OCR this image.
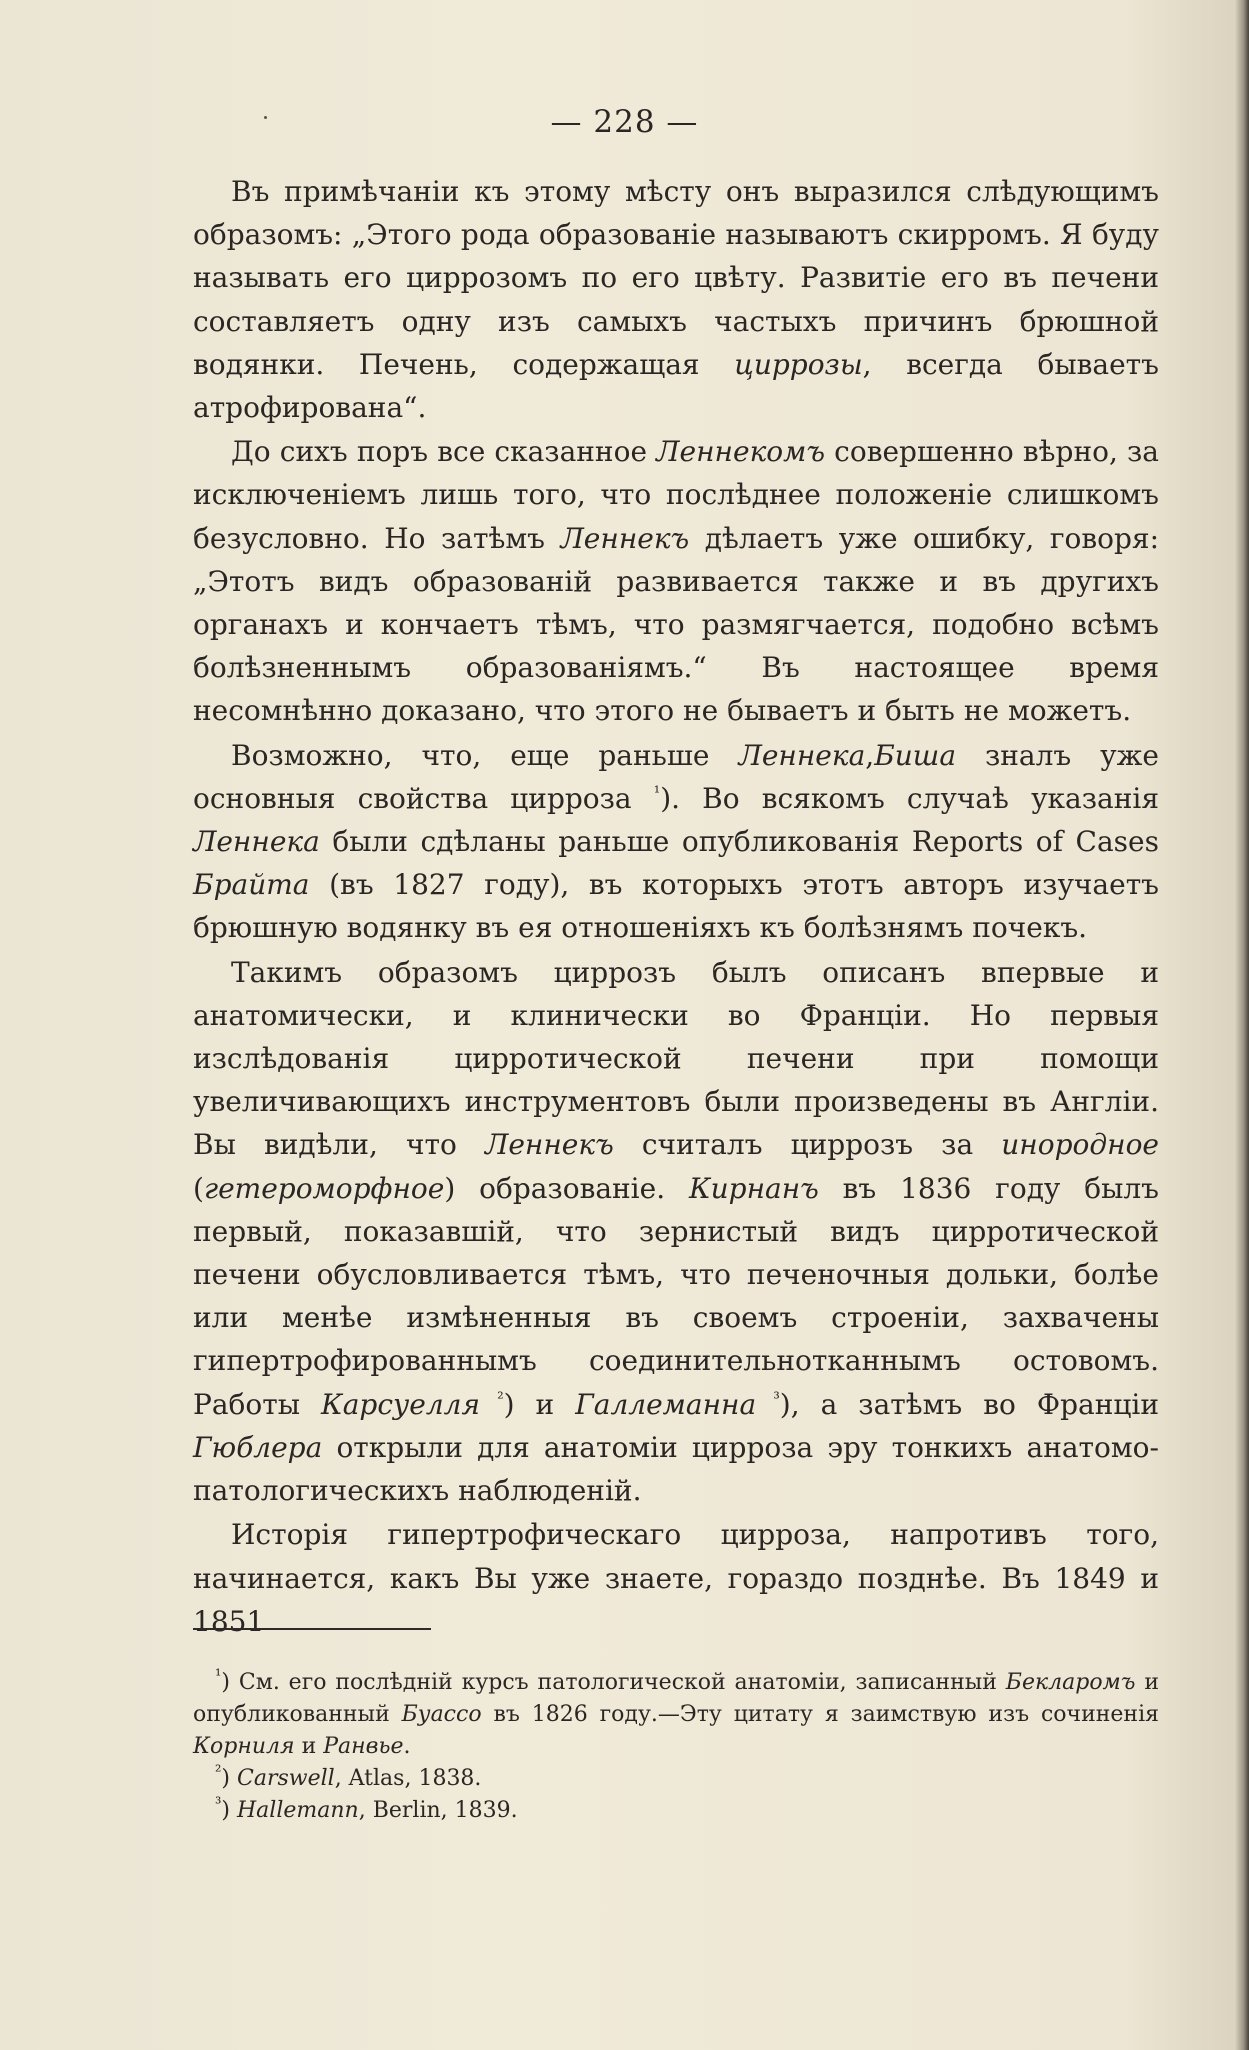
— 228 —

Въ примѣчаніи къ этому мѣсту онъ выразился слѣдующимъ образомъ: „Этого рода образованіе называютъ скирромъ. Я буду называть его циррозомъ по его цвѣту. Развитіе его въ печени составляетъ одну изъ самыхъ частыхъ причинъ брюшной водянки. Печень, содержащая циррозы, всегда бываетъ атрофирована“.

До сихъ поръ все сказанное Леннекомъ совершенно вѣрно, за исключеніемъ лишь того, что послѣднее положеніе слишкомъ безусловно. Но затѣмъ Леннекъ дѣлаетъ уже ошибку, говоря: „Этотъ видъ образованій развивается также и въ другихъ органахъ и кончаетъ тѣмъ, что размягчается, подобно всѣмъ болѣзненнымъ образованіямъ.“ Въ настоящее время несомнѣнно доказано, что этого не бываетъ и быть не можетъ.

Возможно, что, еще раньше Леннека,Биша зналъ уже основныя свойства цирроза $^{^1}$). Во всякомъ случаѣ указанія Леннека были сдѣланы раньше опубликованія Reports of Cases Брайта (въ 1827 году), въ которыхъ этотъ авторъ изучаетъ брюшную водянку въ ея отношеніяхъ къ болѣзнямъ почекъ.

Такимъ образомъ циррозъ былъ описанъ впервые и анатомически, и клинически во Франціи. Но первыя изслѣдованія цирротической печени при помощи увеличивающихъ инструментовъ были произведены въ Англіи. Вы видѣли, что Леннекъ считалъ циррозъ за инородное (гетероморфное) образованіе. Кирнанъ въ 1836 году былъ первый, показавшій, что зернистый видъ цирротической печени обусловливается тѣмъ, что печеночныя дольки, болѣе или менѣе измѣненныя въ своемъ строеніи, захвачены гипертрофированнымъ соединительнотканнымъ остовомъ. Работы Карсуелля $^{^2}$) и Галлеманна $^{^3}$), а затѣмъ во Франціи Гюблера открыли для анатоміи цирроза эру тонкихъ анатомо-патологическихъ наблюденій.

Исторія гипертрофическаго цирроза, напротивъ того, начинается, какъ Вы уже знаете, гораздо позднѣе. Въ 1849 и 1851

$^{^1}$) См. его послѣдній курсъ патологической анатоміи, записанный Бекларомъ и опубликованный Буассо въ 1826 году.—Эту цитату я заимствую изъ сочиненія Корниля и Ранвье.

$^{^2}$) Carswell, Atlas, 1838.

$^{^3}$) Hallemann, Berlin, 1839.
